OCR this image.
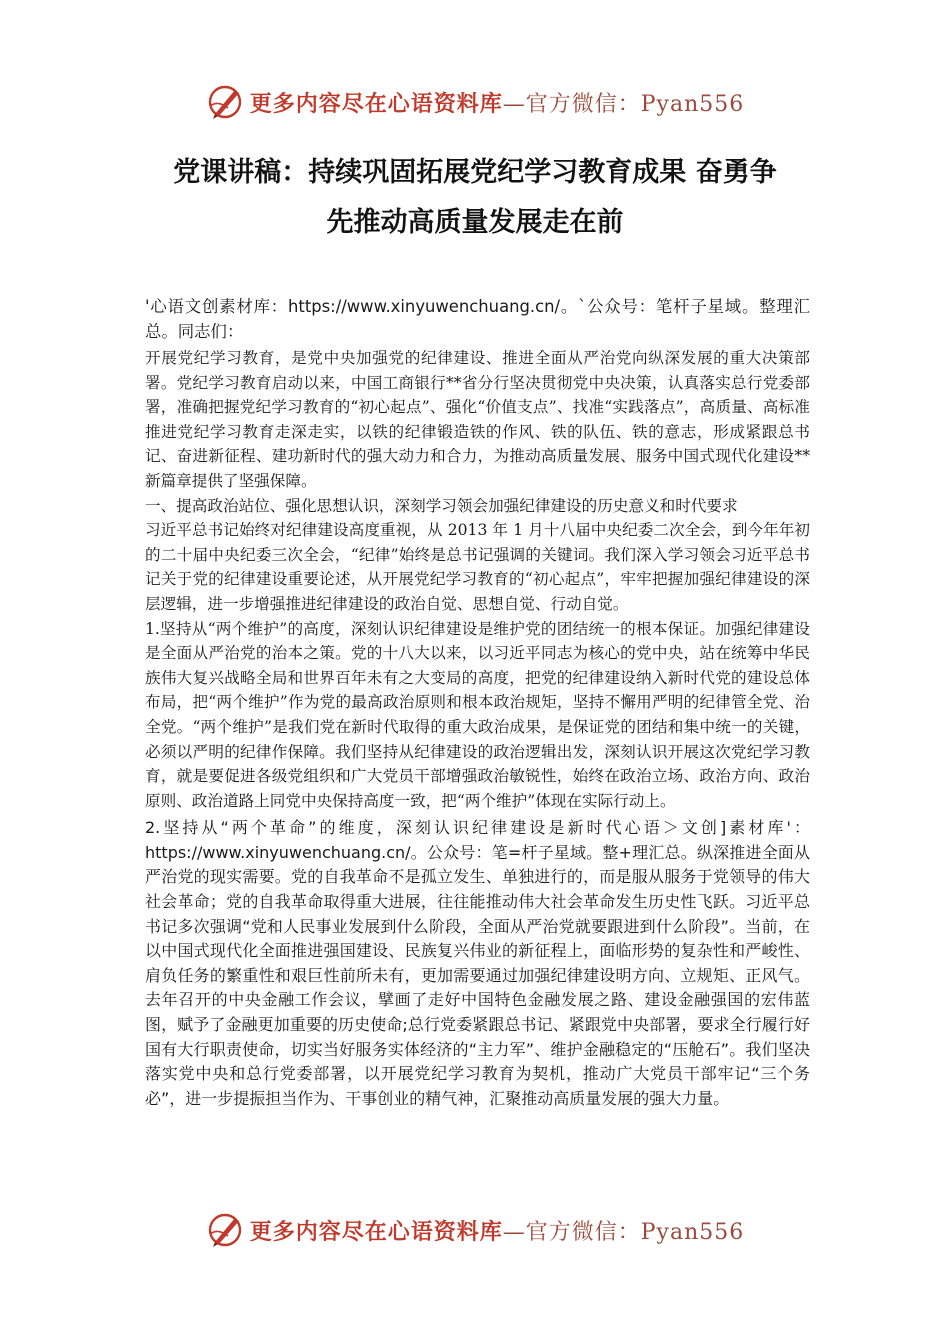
更多内容尽在心语资料库—官方微信：Pyan556
党课讲稿：持续巩固拓展党纪学习教育成果 奋勇争
先推动高质量发展走在前

'心语文创素材库：https://www.xinyuwenchuang.cn/。`公众号：笔杆子星域。整理汇总。同志们：

开展党纪学习教育，是党中央加强党的纪律建设、推进全面从严治党向纵深发展的重大决策部署。党纪学习教育启动以来，中国工商银行**省分行坚决贯彻党中央决策，认真落实总行党委部署，准确把握党纪学习教育的“初心起点”、强化“价值支点”、找准“实践落点”，高质量、高标准推进党纪学习教育走深走实，以铁的纪律锻造铁的作风、铁的队伍、铁的意志，形成紧跟总书记、奋进新征程、建功新时代的强大动力和合力，为推动高质量发展、服务中国式现代化建设**新篇章提供了坚强保障。

一、提高政治站位、强化思想认识，深刻学习领会加强纪律建设的历史意义和时代要求

习近平总书记始终对纪律建设高度重视，从 2013 年 1 月十八届中央纪委二次全会，到今年年初的二十届中央纪委三次全会，“纪律”始终是总书记强调的关键词。我们深入学习领会习近平总书记关于党的纪律建设重要论述，从开展党纪学习教育的“初心起点”，牢牢把握加强纪律建设的深层逻辑，进一步增强推进纪律建设的政治自觉、思想自觉、行动自觉。

1.坚持从“两个维护”的高度，深刻认识纪律建设是维护党的团结统一的根本保证。加强纪律建设是全面从严治党的治本之策。党的十八大以来，以习近平同志为核心的党中央，站在统筹中华民族伟大复兴战略全局和世界百年未有之大变局的高度，把党的纪律建设纳入新时代党的建设总体布局，把“两个维护”作为党的最高政治原则和根本政治规矩，坚持不懈用严明的纪律管全党、治全党。“两个维护”是我们党在新时代取得的重大政治成果，是保证党的团结和集中统一的关键，必须以严明的纪律作保障。我们坚持从纪律建设的政治逻辑出发，深刻认识开展这次党纪学习教育，就是要促进各级党组织和广大党员干部增强政治敏锐性，始终在政治立场、政治方向、政治原则、政治道路上同党中央保持高度一致，把“两个维护”体现在实际行动上。

2.坚持从“两个革命”的维度，深刻认识纪律建设是新时代心语＞文创]素材库'：https://www.xinyuwenchuang.cn/。公众号：笔=杆子星域。整+理汇总。纵深推进全面从严治党的现实需要。党的自我革命不是孤立发生、单独进行的，而是服从服务于党领导的伟大社会革命；党的自我革命取得重大进展，往往能推动伟大社会革命发生历史性飞跃。习近平总书记多次强调“党和人民事业发展到什么阶段，全面从严治党就要跟进到什么阶段”。当前，在以中国式现代化全面推进强国建设、民族复兴伟业的新征程上，面临形势的复杂性和严峻性、肩负任务的繁重性和艰巨性前所未有，更加需要通过加强纪律建设明方向、立规矩、正风气。去年召开的中央金融工作会议，擘画了走好中国特色金融发展之路、建设金融强国的宏伟蓝图，赋予了金融更加重要的历史使命;总行党委紧跟总书记、紧跟党中央部署，要求全行履行好国有大行职责使命，切实当好服务实体经济的“主力军”、维护金融稳定的“压舱石”。我们坚决落实党中央和总行党委部署，以开展党纪学习教育为契机，推动广大党员干部牢记“三个务必”，进一步提振担当作为、干事创业的精气神，汇聚推动高质量发展的强大力量。

更多内容尽在心语资料库—官方微信：Pyan556
